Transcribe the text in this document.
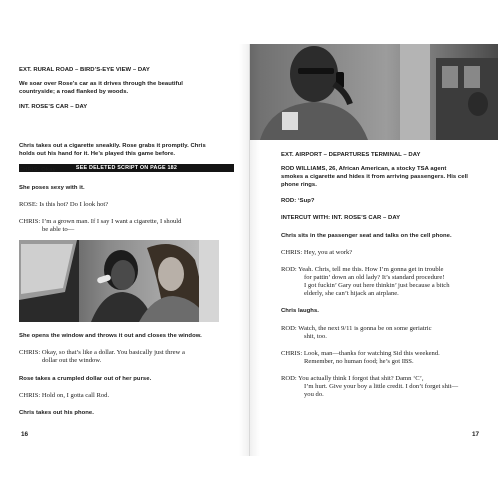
EXT. RURAL ROAD – BIRD’S-EYE VIEW – DAY
We soar over Rose’s car as it drives through the beautiful
countryside; a road flanked by woods.
INT. ROSE’S CAR – DAY
SEE DELETED SCRIPT ON PAGE 182
Chris takes out a cigarette sneakily. Rose grabs it promptly. Chris
holds out his hand for it. He’s played this game before.
CHRIS: Okay.
She poses sexy with it.
ROSE: Is this hot? Do I look hot?
CHRIS: I’m a grown man. If I say I want a cigarette, I should
be able to—
She opens the window and throws it out and closes the window.
CHRIS: Okay, so that’s like a dollar. You basically just threw a
dollar out the window.
Rose takes a crumpled dollar out of her purse.
CHRIS: Hold on, I gotta call Rod.
Chris takes out his phone.
16
EXT. AIRPORT – DEPARTURES TERMINAL – DAY
ROD WILLIAMS, 26, African American, a stocky TSA agent
smokes a cigarette and hides it from arriving passengers. His cell
phone rings.
ROD: ‘Sup?
INTERCUT WITH: INT. ROSE’S CAR – DAY
Chris sits in the passenger seat and talks on the cell phone.
CHRIS: Hey, you at work?
ROD: Yeah. Chris, tell me this. How I’m gonna get in trouble
for pattin’ down an old lady? It’s standard procedure!
I got fuckin’ Gary out here thinkin’ just because a bitch
elderly, she can’t hijack an airplane.
Chris laughs.
ROD: Watch, the next 9/11 is gonna be on some geriatric
shit, too.
CHRIS: Look, man—thanks for watching Sid this weekend.
Remember, no human food; he’s got IBS.
ROD: You actually think I forgot that shit? Damn ‘C’,
I’m hurt. Give your boy a little credit. I don’t forget shit—
you do.
17
